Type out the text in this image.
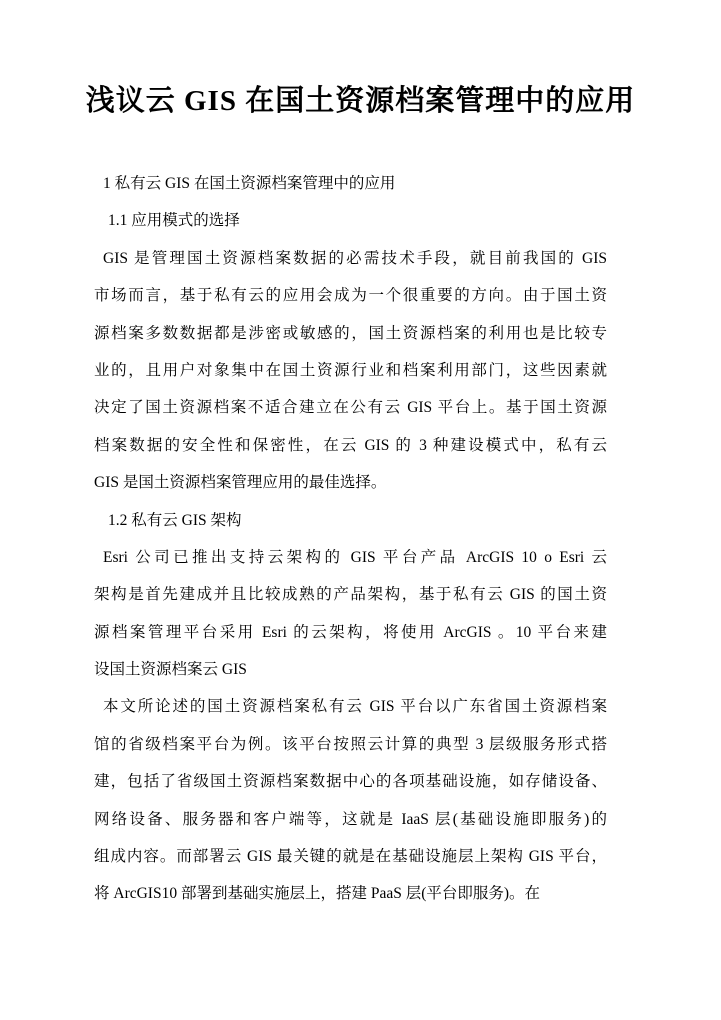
浅议云 GIS 在国土资源档案管理中的应用
1 私有云 GIS 在国土资源档案管理中的应用
1.1 应用模式的选择
GIS 是管理国土资源档案数据的必需技术手段，就目前我国的 GIS
市场而言，基于私有云的应用会成为一个很重要的方向。由于国土资
源档案多数数据都是涉密或敏感的，国土资源档案的利用也是比较专
业的，且用户对象集中在国土资源行业和档案利用部门，这些因素就
决定了国土资源档案不适合建立在公有云 GIS 平台上。基于国土资源
档案数据的安全性和保密性，在云 GIS 的 3 种建设模式中，私有云
GIS 是国土资源档案管理应用的最佳选择。
1.2 私有云 GIS 架构
Esri 公司已推出支持云架构的 GIS 平台产品 ArcGIS 10 o Esri 云
架构是首先建成并且比较成熟的产品架构，基于私有云 GIS 的国土资
源档案管理平台采用 Esri 的云架构，将使用 ArcGIS 。10 平台来建
设国土资源档案云 GIS
本文所论述的国土资源档案私有云 GIS 平台以广东省国土资源档案
馆的省级档案平台为例。该平台按照云计算的典型 3 层级服务形式搭
建，包括了省级国土资源档案数据中心的各项基础设施，如存储设备、
网络设备、服务器和客户端等，这就是 IaaS 层(基础设施即服务)的
组成内容。而部署云 GIS 最关键的就是在基础设施层上架构 GIS 平台，
将 ArcGIS10 部署到基础实施层上，搭建 PaaS 层(平台即服务)。在
